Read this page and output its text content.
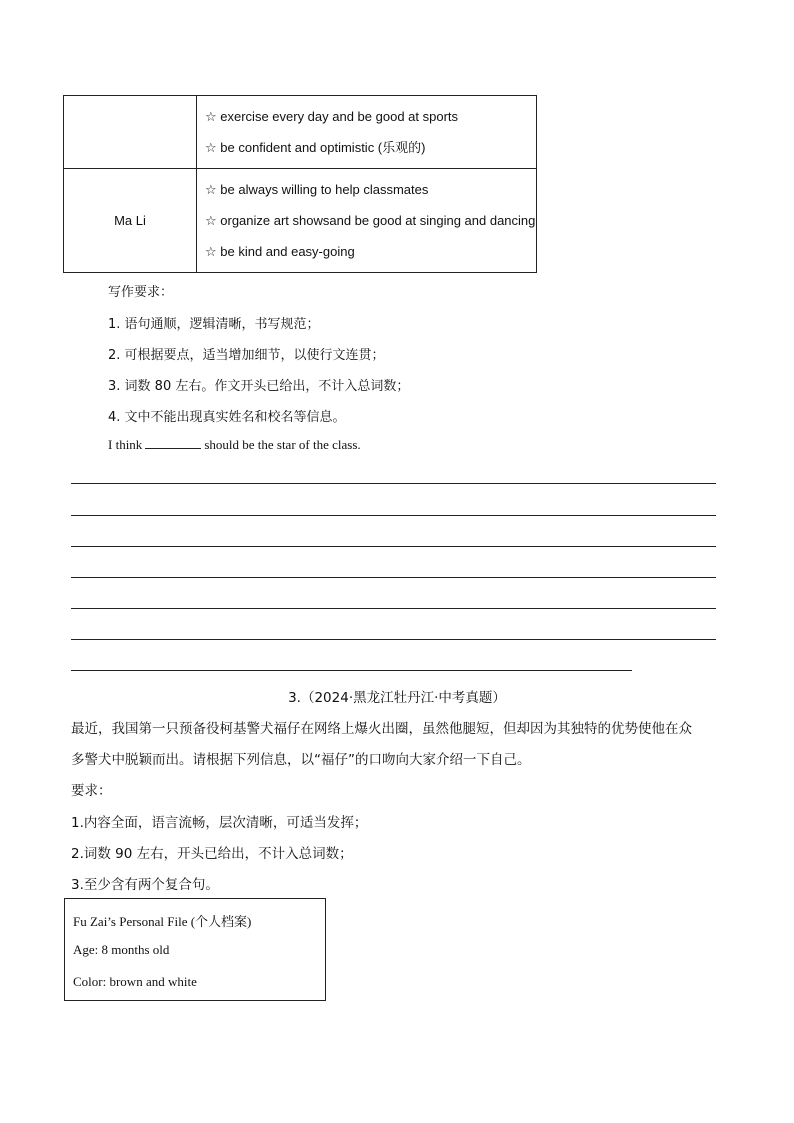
	☆ exercise every day and be good at sports
☆ be confident and optimistic (乐观的)

Ma Li	☆ be always willing to help classmates
☆ organize art showsand be good at singing and dancing
☆ be kind and easy-going
写作要求：
1. 语句通顺，逻辑清晰，书写规范；
2. 可根据要点，适当增加细节，以使行文连贯；
3. 词数 80 左右。作文开头已给出，不计入总词数；
4. 文中不能出现真实姓名和校名等信息。
I think	should be the star of the class.
3.（2024·黑龙江牡丹江·中考真题）
最近，我国第一只预备役柯基警犬福仔在网络上爆火出圈，虽然他腿短，但却因为其独特的优势使他在众
多警犬中脱颖而出。请根据下列信息，以“福仔”的口吻向大家介绍一下自己。
要求：
1.内容全面，语言流畅，层次清晰，可适当发挥；
2.词数 90 左右，开头已给出，不计入总词数；
3.至少含有两个复合句。
Fu Zai’s Personal File (个人档案)
Age: 8 months old
Color: brown and white
